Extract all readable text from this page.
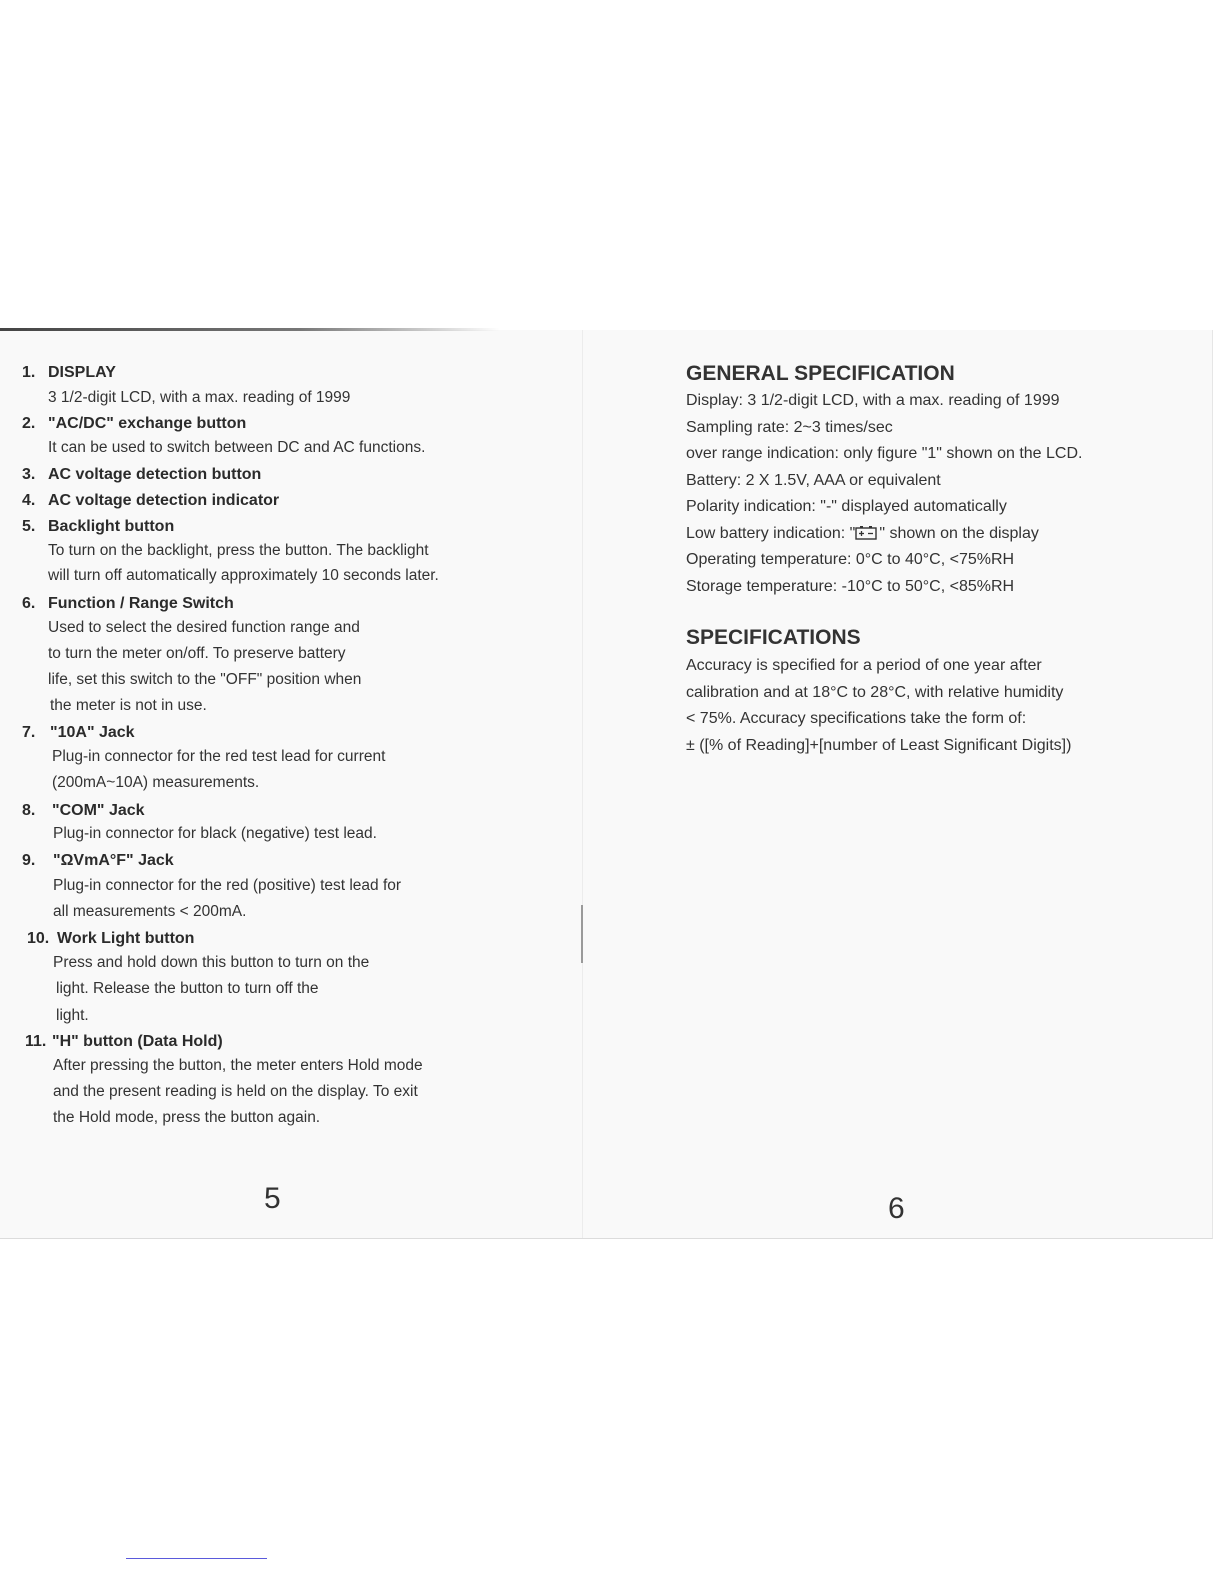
1. DISPLAY
3 1/2-digit LCD, with a max. reading of 1999
2. "AC/DC" exchange button
It can be used to switch between DC and AC functions.
3. AC voltage detection button
4. AC voltage detection indicator
5. Backlight button
To turn on the backlight, press the button. The backlight
will turn off automatically approximately 10 seconds later.
6. Function / Range Switch
Used to select the desired function range and
to turn the meter on/off. To preserve battery
life, set this switch to the "OFF" position when
the meter is not in use.
7. "10A" Jack
Plug-in connector for the red test lead for current
(200mA~10A) measurements.
8. "COM" Jack
Plug-in connector for black (negative) test lead.
9. "ΩVmA°F" Jack
Plug-in connector for the red (positive) test lead for
all measurements < 200mA.
10. Work Light button
Press and hold down this button to turn on the
light. Release the button to turn off the
light.
11. "H" button (Data Hold)
After pressing the button, the meter enters Hold mode
and the present reading is held on the display. To exit
the Hold mode, press the button again.
5
GENERAL SPECIFICATION
Display: 3 1/2-digit LCD, with a max. reading of 1999
Sampling rate: 2~3 times/sec
over range indication: only figure "1" shown on the LCD.
Battery: 2 X 1.5V, AAA or equivalent
Polarity indication: "-" displayed automatically
Low battery indication: " " shown on the display
Operating temperature: 0°C to 40°C, <75%RH
Storage temperature: -10°C to 50°C, <85%RH
SPECIFICATIONS
Accuracy is specified for a period of one year after
calibration and at 18°C to 28°C, with relative humidity
< 75%. Accuracy specifications take the form of:
± ([% of Reading]+[number of Least Significant Digits])
6
